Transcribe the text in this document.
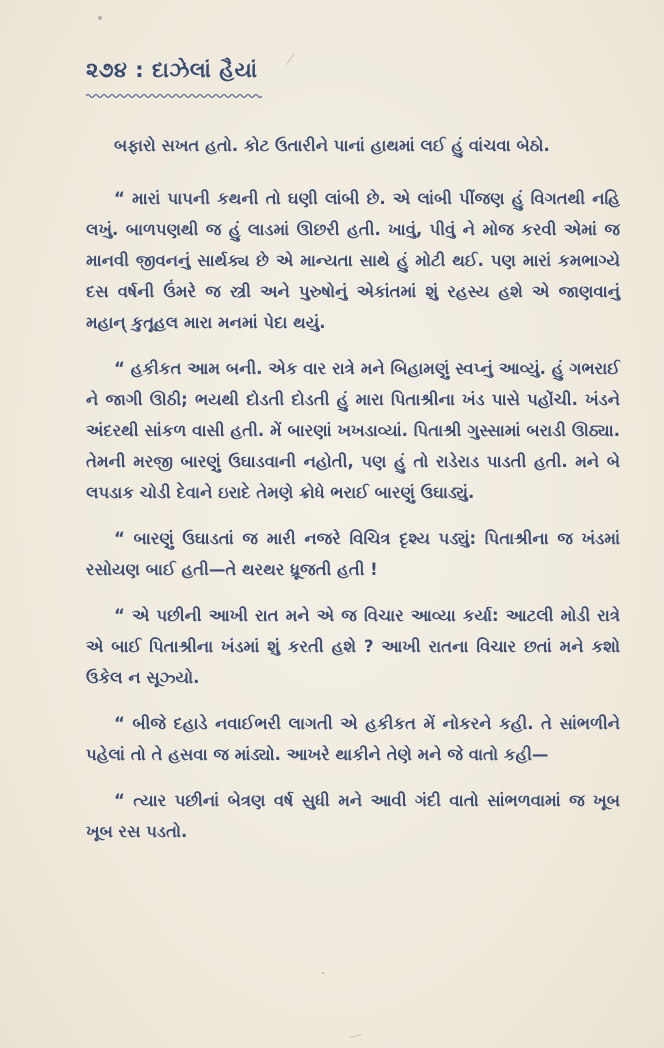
૨૭૪ : દાઝેલાં હૈયાં

બફારો સખત હતો. કોટ ઉતારીને પાનાં હાથમાં લઈ હું વાંચવા બેઠો.

“ મારાં પાપની કથની તો ઘણી લાંબી છે. એ લાંબી પીંજણ હું વિગતથી નહિ લખું. બાળપણથી જ હું લાડમાં ઊછરી હતી. ખાવું, પીવું ને મોજ કરવી એમાં જ માનવી જીવનનું સાર્થક્ય છે એ માન્યતા સાથે હું મોટી થઈ. પણ મારાં કમભાગ્યે દસ વર્ષની ઉંમરે જ સ્ત્રી અને પુરુષોનું એકાંતમાં શું રહસ્ય હશે એ જાણવાનું મહાન્ કુતૂહલ મારા મનમાં પેદા થયું.

“ હકીકત આમ બની. એક વાર રાત્રે મને બિહામણું સ્વપ્નું આવ્યું. હું ગભરાઈ ને જાગી ઊઠી; ભયથી દોડતી દોડતી હું મારા પિતાશ્રીના ખંડ પાસે પહોંચી. ખંડને અંદરથી સાંકળ વાસી હતી. મેં બારણાં ખખડાવ્યાં. પિતાશ્રી ગુસ્સામાં બરાડી ઊઠ્યા. તેમની મરજી બારણું ઉઘાડવાની નહોતી, પણ હું તો રાડેરાડ પાડતી હતી. મને બે લપડાક ચોડી દેવાને ઇરાદે તેમણે ક્રોધે ભરાઈ બારણું ઉઘાડ્યું.

“ બારણું ઉઘાડતાં જ મારી નજરે વિચિત્ર દૃશ્ય પડ્યું: પિતાશ્રીના જ ખંડમાં રસોયણ બાઈ હતી—તે થરથર ધ્રૂજતી હતી !

“ એ પછીની આખી રાત મને એ જ વિચાર આવ્યા કર્યા: આટલી મોડી રાત્રે એ બાઈ પિતાશ્રીના ખંડમાં શું કરતી હશે ? આખી રાતના વિચાર છતાં મને કશો ઉકેલ ન સૂઝ્યો.

“ બીજે દહાડે નવાઈભરી લાગતી એ હકીકત મેં નોકરને કહી. તે સાંભળીને પહેલાં તો તે હસવા જ માંડ્યો. આખરે થાકીને તેણે મને જે વાતો કહી—

“ ત્યાર પછીનાં બેત્રણ વર્ષ સુધી મને આવી ગંદી વાતો સાંભળવામાં જ ખૂબ ખૂબ રસ પડતો.
